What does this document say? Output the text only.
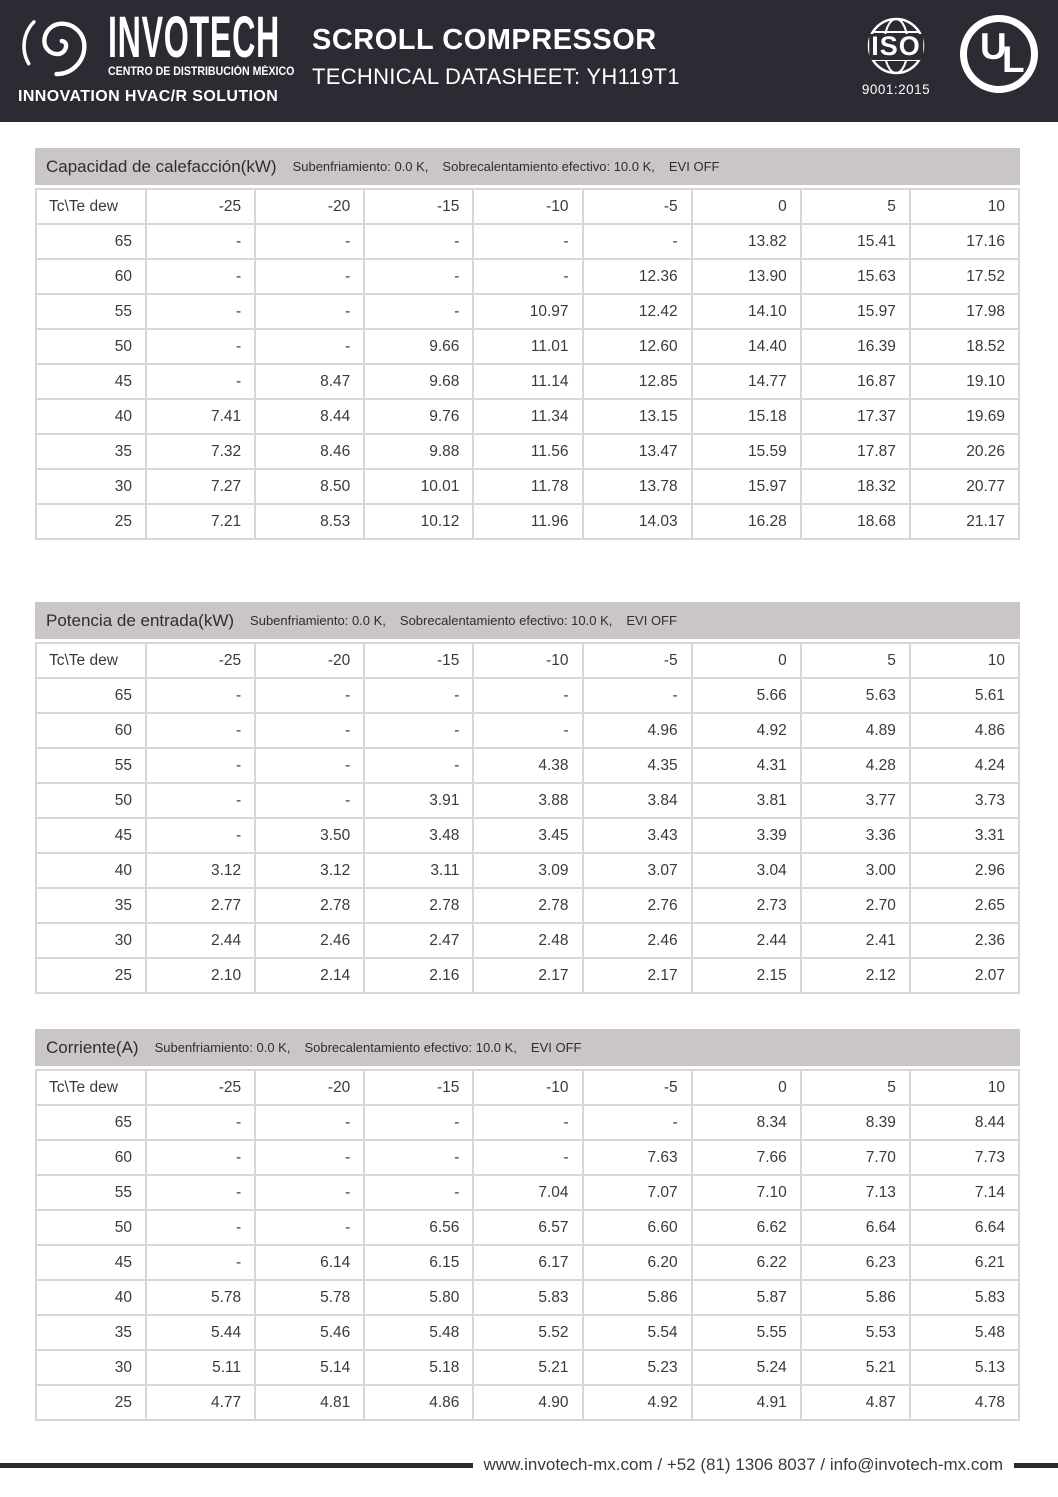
INVOTECH
CENTRO DE DISTRIBUCIÓN MÉXICO
INNOVATION HVAC/R SOLUTION
SCROLL COMPRESSOR
TECHNICAL DATASHEET: YH119T1
ISO
9001:2015
U
L
Capacidad de calefacción(kW) Subenfriamiento: 0.0 K, Sobrecalentamiento efectivo: 10.0 K, EVI OFF
Tc\Te dew	-25	-20	-15	-10	-5	0	5	10
65	-	-	-	-	-	13.82	15.41	17.16
60	-	-	-	-	12.36	13.90	15.63	17.52
55	-	-	-	10.97	12.42	14.10	15.97	17.98
50	-	-	9.66	11.01	12.60	14.40	16.39	18.52
45	-	8.47	9.68	11.14	12.85	14.77	16.87	19.10
40	7.41	8.44	9.76	11.34	13.15	15.18	17.37	19.69
35	7.32	8.46	9.88	11.56	13.47	15.59	17.87	20.26
30	7.27	8.50	10.01	11.78	13.78	15.97	18.32	20.77
25	7.21	8.53	10.12	11.96	14.03	16.28	18.68	21.17
Potencia de entrada(kW) Subenfriamiento: 0.0 K, Sobrecalentamiento efectivo: 10.0 K, EVI OFF
Tc\Te dew	-25	-20	-15	-10	-5	0	5	10
65	-	-	-	-	-	5.66	5.63	5.61
60	-	-	-	-	4.96	4.92	4.89	4.86
55	-	-	-	4.38	4.35	4.31	4.28	4.24
50	-	-	3.91	3.88	3.84	3.81	3.77	3.73
45	-	3.50	3.48	3.45	3.43	3.39	3.36	3.31
40	3.12	3.12	3.11	3.09	3.07	3.04	3.00	2.96
35	2.77	2.78	2.78	2.78	2.76	2.73	2.70	2.65
30	2.44	2.46	2.47	2.48	2.46	2.44	2.41	2.36
25	2.10	2.14	2.16	2.17	2.17	2.15	2.12	2.07
Corriente(A) Subenfriamiento: 0.0 K, Sobrecalentamiento efectivo: 10.0 K, EVI OFF
Tc\Te dew	-25	-20	-15	-10	-5	0	5	10
65	-	-	-	-	-	8.34	8.39	8.44
60	-	-	-	-	7.63	7.66	7.70	7.73
55	-	-	-	7.04	7.07	7.10	7.13	7.14
50	-	-	6.56	6.57	6.60	6.62	6.64	6.64
45	-	6.14	6.15	6.17	6.20	6.22	6.23	6.21
40	5.78	5.78	5.80	5.83	5.86	5.87	5.86	5.83
35	5.44	5.46	5.48	5.52	5.54	5.55	5.53	5.48
30	5.11	5.14	5.18	5.21	5.23	5.24	5.21	5.13
25	4.77	4.81	4.86	4.90	4.92	4.91	4.87	4.78
www.invotech-mx.com / +52 (81) 1306 8037 / info@invotech-mx.com
